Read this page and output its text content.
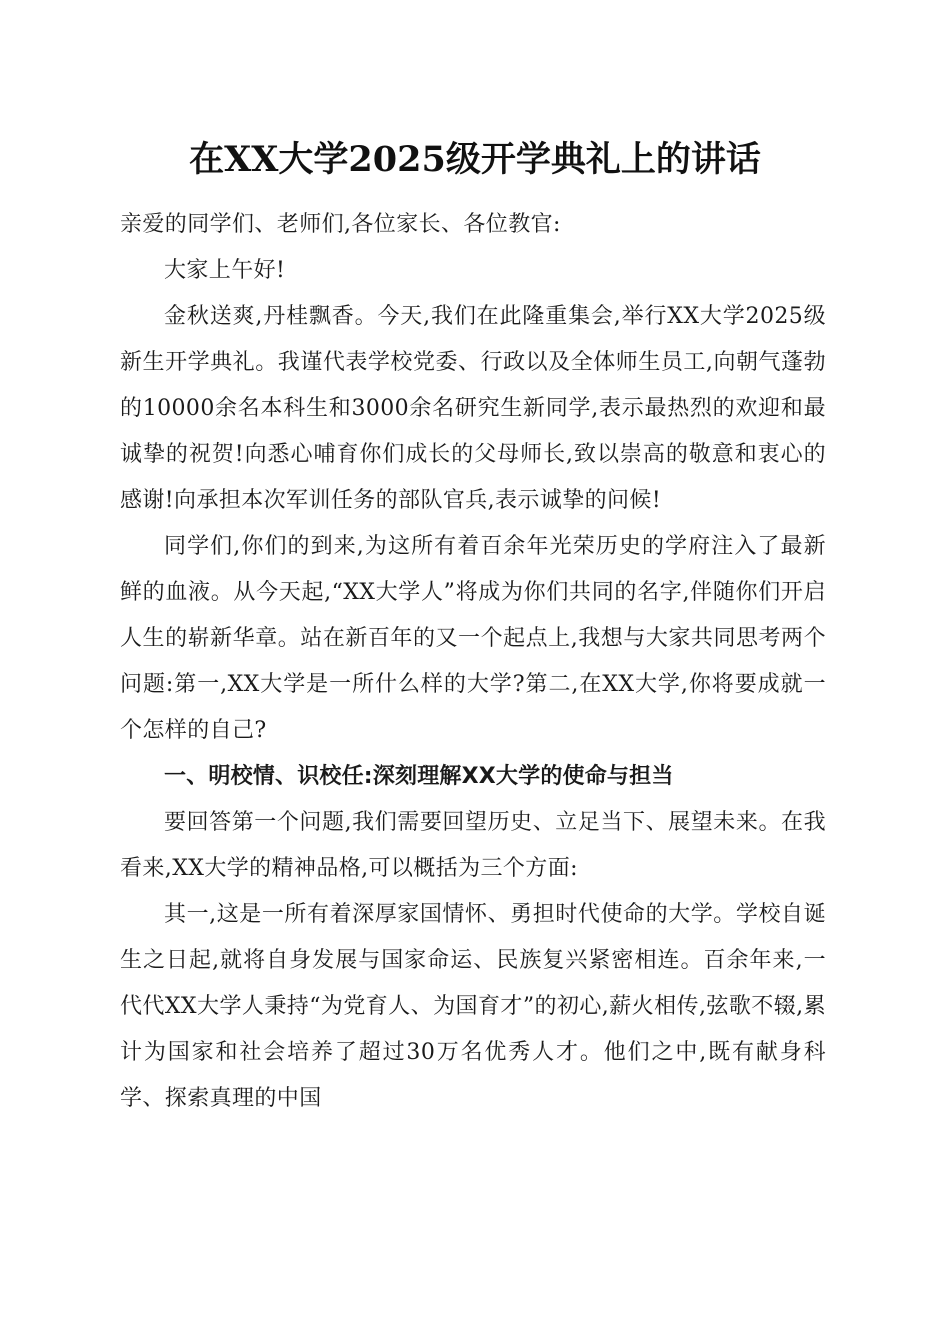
在XX大学2025级开学典礼上的讲话

亲爱的同学们、老师们,各位家长、各位教官:

大家上午好!

金秋送爽,丹桂飘香。今天,我们在此隆重集会,举行XX大学2025级新生开学典礼。我谨代表学校党委、行政以及全体师生员工,向朝气蓬勃的10000余名本科生和3000余名研究生新同学,表示最热烈的欢迎和最诚挚的祝贺!向悉心哺育你们成长的父母师长,致以崇高的敬意和衷心的感谢!向承担本次军训任务的部队官兵,表示诚挚的问候!

同学们,你们的到来,为这所有着百余年光荣历史的学府注入了最新鲜的血液。从今天起,“XX大学人”将成为你们共同的名字,伴随你们开启人生的崭新华章。站在新百年的又一个起点上,我想与大家共同思考两个问题:第一,XX大学是一所什么样的大学?第二,在XX大学,你将要成就一个怎样的自己?

一、明校情、识校任:深刻理解XX大学的使命与担当

要回答第一个问题,我们需要回望历史、立足当下、展望未来。在我看来,XX大学的精神品格,可以概括为三个方面:

其一,这是一所有着深厚家国情怀、勇担时代使命的大学。学校自诞生之日起,就将自身发展与国家命运、民族复兴紧密相连。百余年来,一代代XX大学人秉持“为党育人、为国育才”的初心,薪火相传,弦歌不辍,累计为国家和社会培养了超过30万名优秀人才。他们之中,既有献身科学、探索真理的中国
